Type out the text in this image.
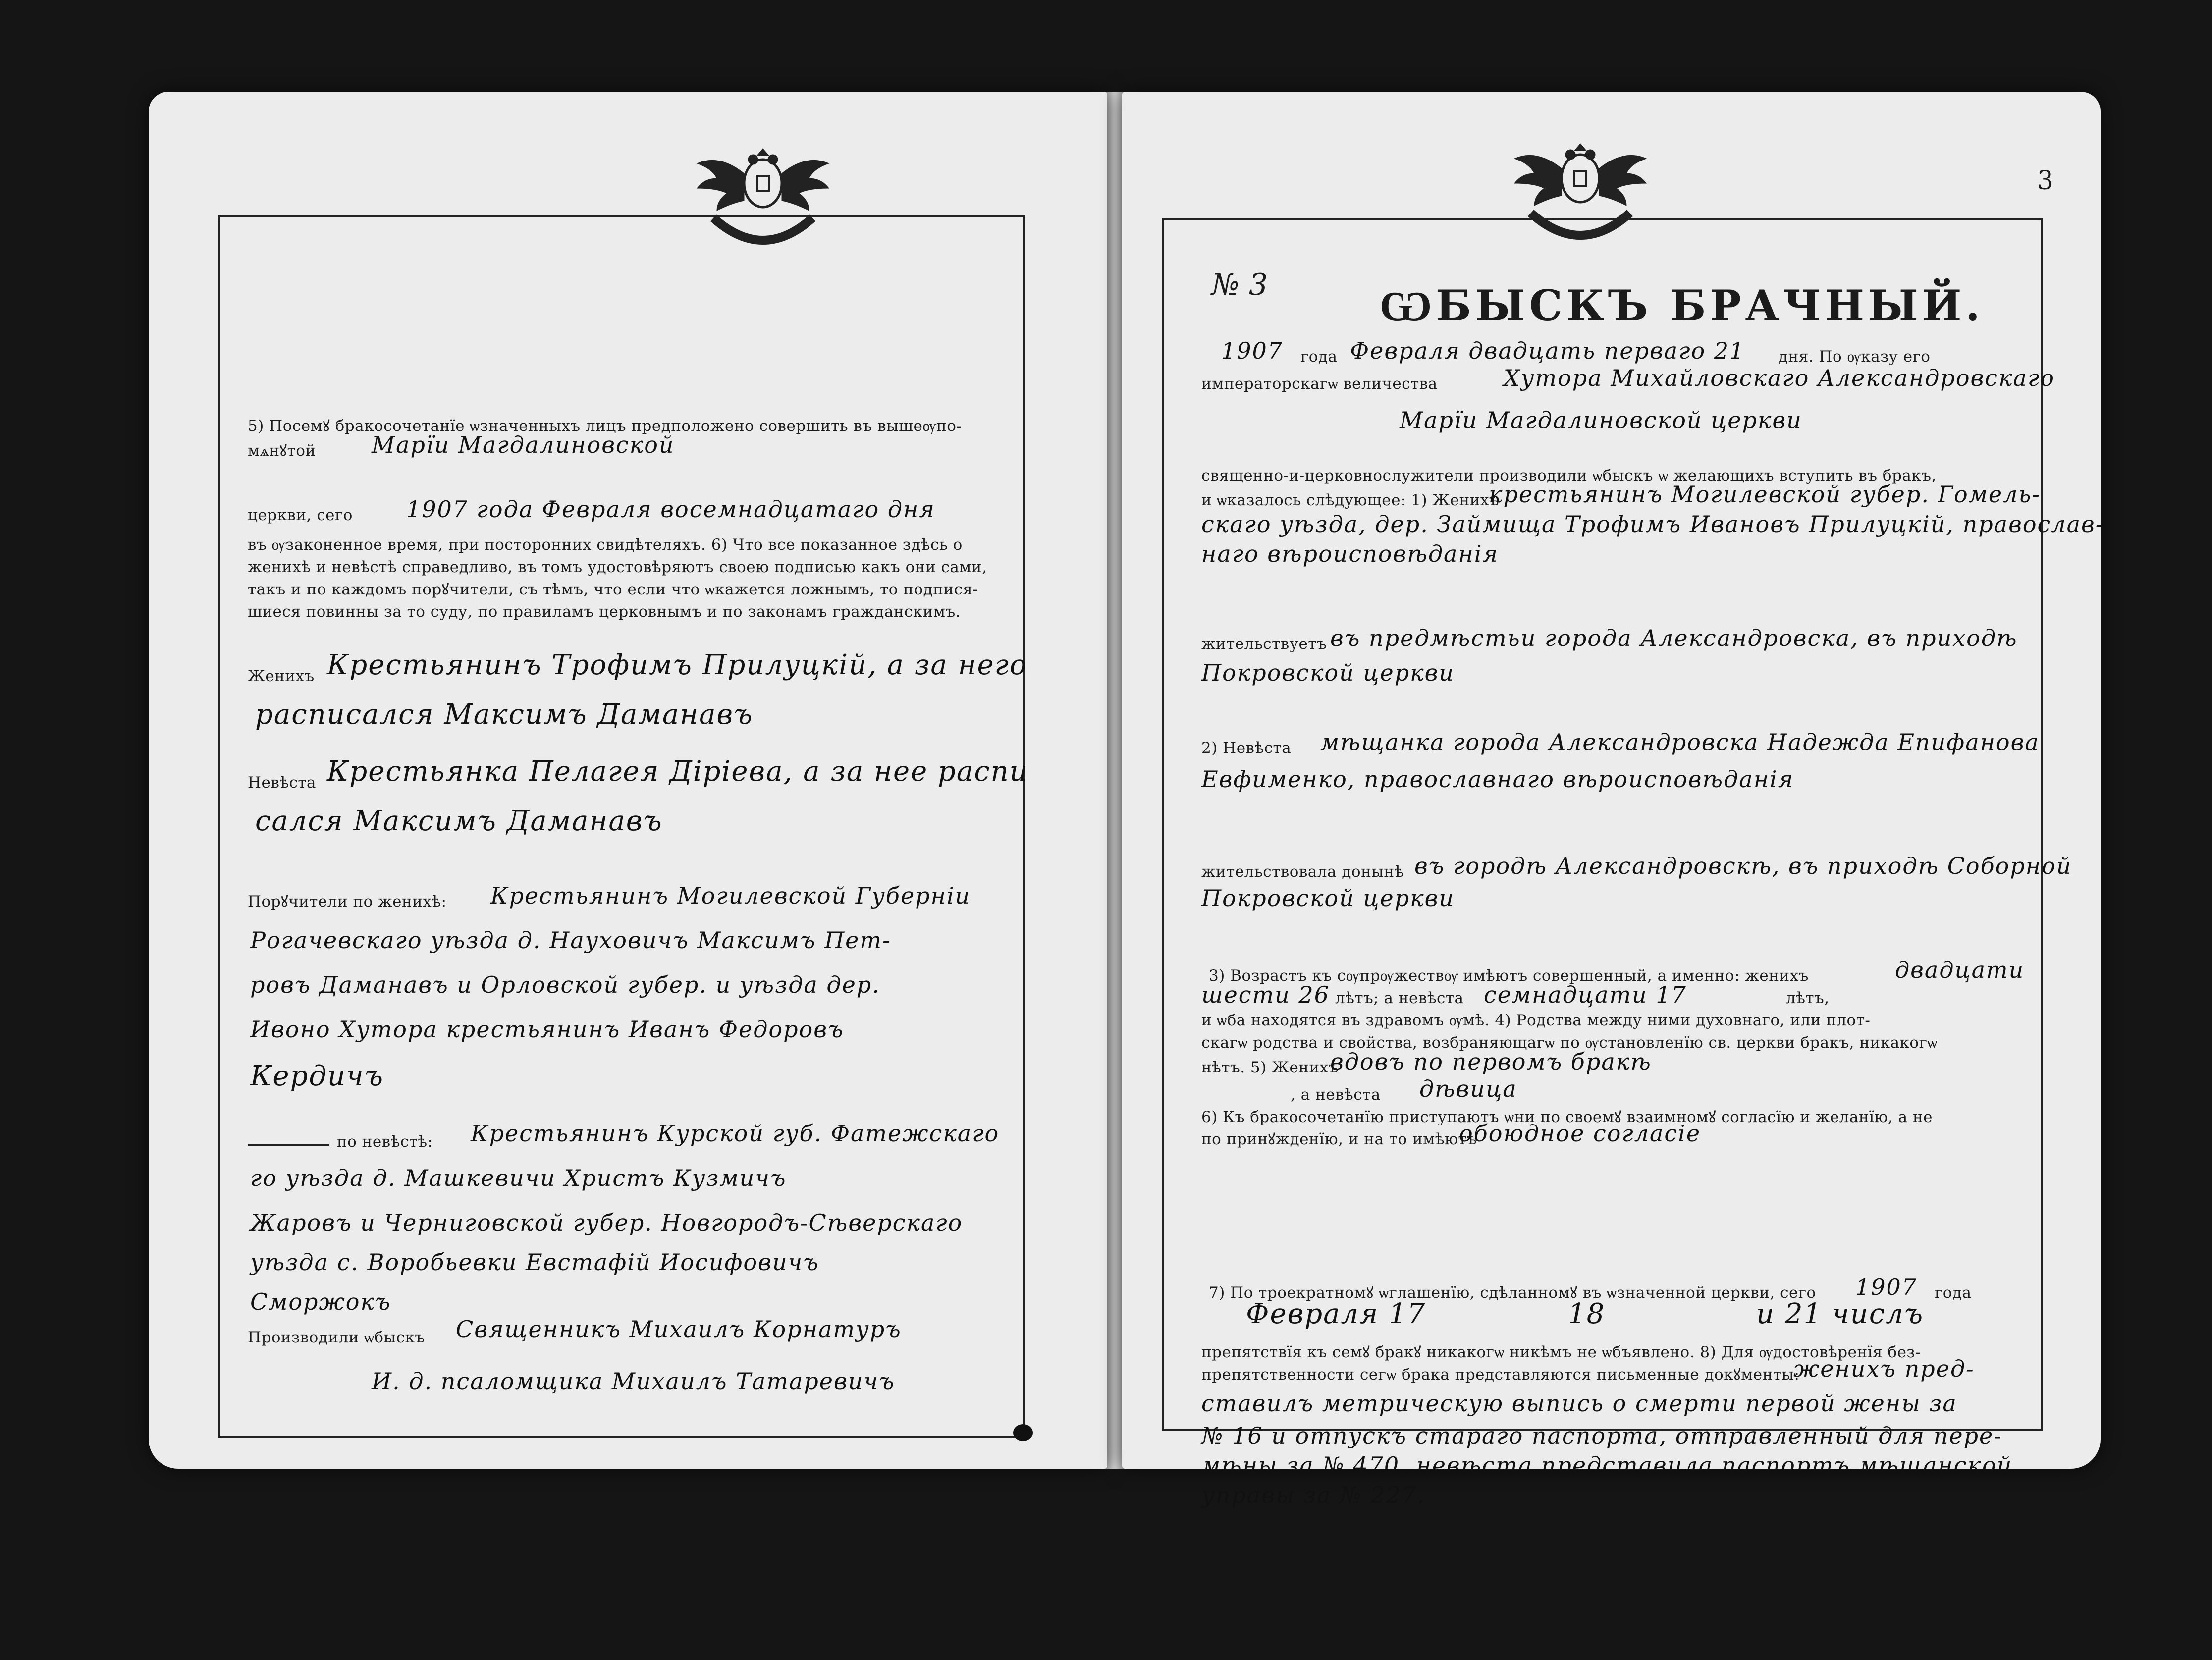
5) Посемꙋ бракосочетанїе ѡзначенныхъ лицъ предположено совершить въ вышеѹпо-
мѧнꙋтой Марїи Магдалиновской
церкви, сего 1907 года Февраля восемнадцатаго дня
въ ѹзаконенное время, при посторонних свидѣтеляхъ. 6) Что все показанное здѣсь о
женихѣ и невѣстѣ справедливо, въ томъ удостовѣряютъ своею подписью какъ они сами,
такъ и по каждомъ порꙋчители, съ тѣмъ, что если что ѡкажется ложнымъ, то подпися-
шиеся повинны за то суду, по правиламъ церковнымъ и по законамъ гражданскимъ.
Женихъ Крестьянинъ Трофимъ Прилуцкiй, а за него
расписался Максимъ Даманавъ
Невѣста Крестьянка Пелагея Дiрiева, а за нее распи
сался Максимъ Даманавъ
Порꙋчители по женихѣ: Крестьянинъ Могилевской Губернiи
Рогачевскаго уѣзда д. Науховичъ Максимъ Пет-
ровъ Даманавъ и Орловской губер. и уѣзда дер.
Ивоно Хутора крестьянинъ Иванъ Федоровъ
Кердичъ
по невѣстѣ: Крестьянинъ Курской губ. Фатежскаго
го уѣзда д. Машкевичи Христъ Кузмичъ
Жаровъ и Черниговской губер. Новгородъ-Сѣверскаго
уѣзда с. Воробьевки Евстафiй Иосифовичъ
Сморжокъ
Производили ѡбыскъ Священникъ Михаилъ Корнатуръ
И. д. псаломщика Михаилъ Татаревичъ
3
№ 3	ѠБЫСКЪ БРАЧНЫЙ.
1907 года Февраля двадцать перваго 21 дня. По ѹказу его
императорскагѡ величества	Хутора Михайловскаго Александровскаго
Марїи Магдалиновской церкви
священно-и-церковнослужители производили ѡбыскъ ѡ желающихъ вступить въ бракъ,
и ѡказалось слѣдующее: 1) Женихъ
крестьянинъ Могилевской губер. Гомель-
скаго уѣзда, дер. Займища Трофимъ Ивановъ Прилуцкiй, православ-
наго вѣроисповѣданiя
жительствуетъ въ предмѣстьи города Александровска, въ приходѣ
Покровской церкви
2) Невѣста мѣщанка города Александровска Надежда Епифанова
Евфименко, православнаго вѣроисповѣданiя
жительствовала донынѣ въ городѣ Александровскѣ, въ приходѣ Соборной
Покровской церкви
3) Возрастъ къ сѹпрѹжествѹ имѣютъ совершенный, а именно: женихъ	двадцати
шести 26 лѣтъ; а невѣста семнадцати 17	лѣтъ,
и ѡба находятся въ здравомъ ѹмѣ. 4) Родства между ними духовнаго, или плот-
скагѡ родства и свойства, возбраняющагѡ по ѹстановленїю св. церкви бракъ, никакогѡ
нѣтъ. 5) Женихъ
вдовъ по первомъ бракѣ
, а невѣста дѣвица
6) Къ бракосочетанїю приступаютъ ѡни по своемꙋ взаимномꙋ согласїю и желанїю, а не
по принꙋжденїю, и на то имѣютъ
обоюдное согласiе
7) По троекратномꙋ ѡглашенїю, сдѣланномꙋ въ ѡзначенной церкви, сего 1907 года
Февраля 17	18	и 21 числъ
препятствїя къ семꙋ бракꙋ никакогѡ никѣмъ не ѡбъявлено. 8) Для ѹдостовѣренїя без-
препятственности сегѡ брака представляются письменные докꙋменты:
женихъ пред-
ставилъ метрическую выпись о смерти первой жены за
№ 16 и отпускъ стараго паспорта, отправленный для пере-
мѣны за № 470, невѣста представила паспортъ мѣщанской
управы за № 227.
